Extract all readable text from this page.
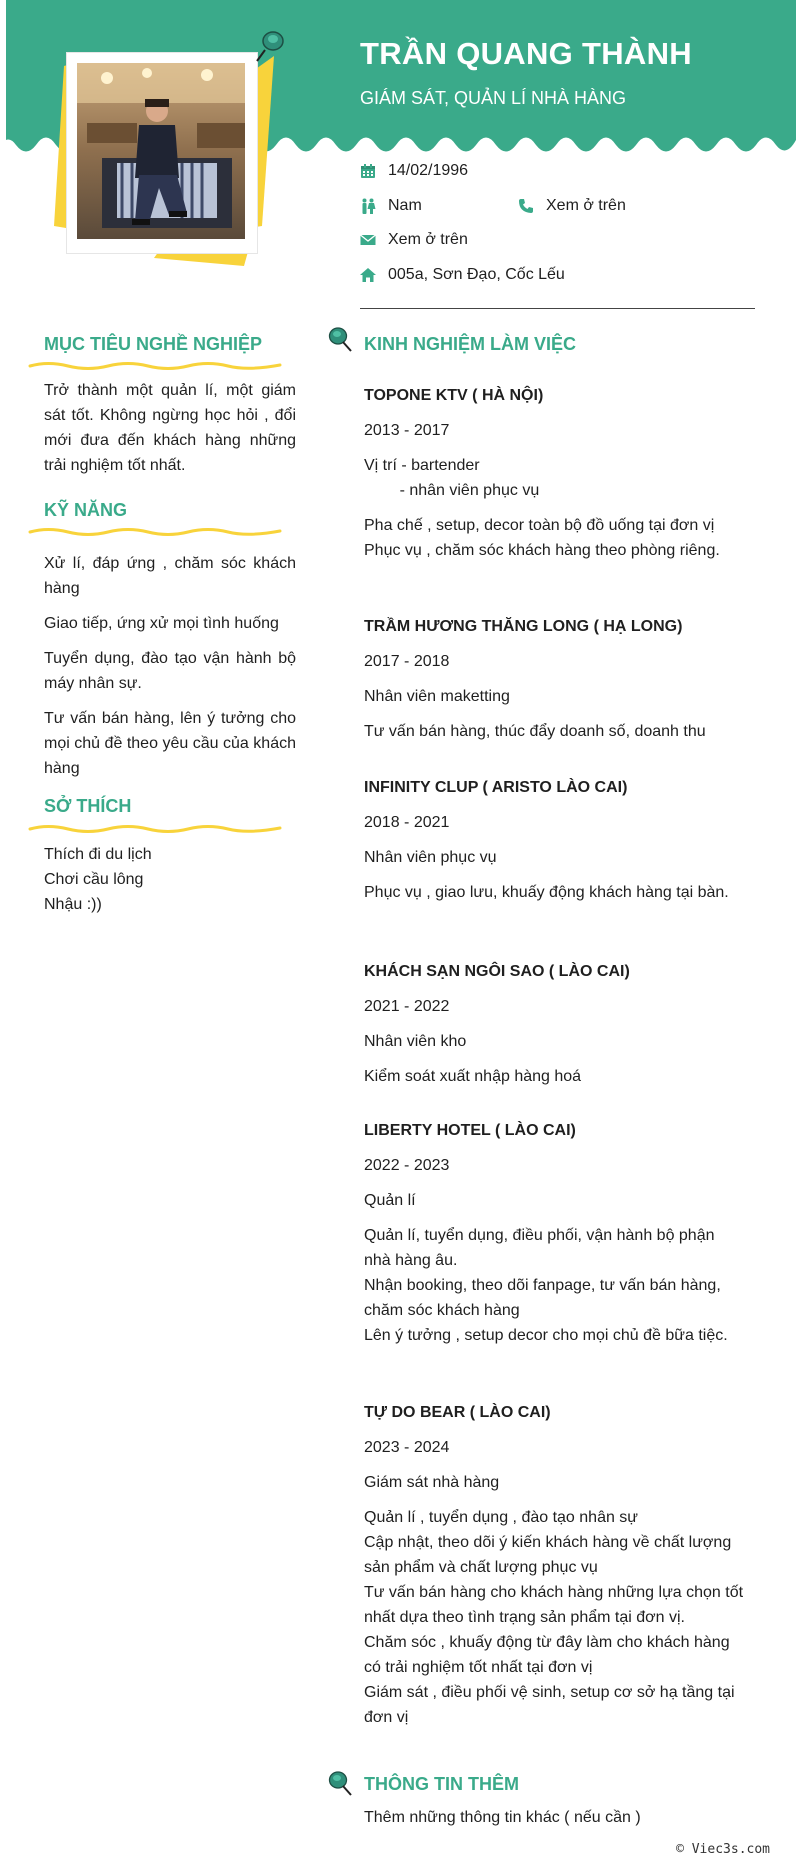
TRẦN QUANG THÀNH
GIÁM SÁT, QUẢN LÍ NHÀ HÀNG
14/02/1996
Nam	Xem ở trên
Xem ở trên
005a, Sơn Đạo, Cốc Lếu
MỤC TIÊU NGHỀ NGHIỆP
Trở thành một quản lí, một giám sát tốt. Không ngừng học hỏi , đổi mới đưa đến khách hàng những trải nghiệm tốt nhất.
KỸ NĂNG

Xử lí, đáp ứng , chăm sóc khách hàng

Giao tiếp, ứng xử mọi tình huống

Tuyển dụng, đào tạo vận hành bộ máy nhân sự.

Tư vấn bán hàng, lên ý tưởng cho mọi chủ đề theo yêu cầu của khách hàng

SỞ THÍCH
Thích đi du lịch
Chơi cầu lông
Nhậu :))
KINH NGHIỆM LÀM VIỆC
TOPONE KTV ( HÀ NỘI)
2013 - 2017
Vị trí - bartender
- nhân viên phục vụ
Pha chế , setup, decor toàn bộ đồ uống tại đơn vị
Phục vụ , chăm sóc khách hàng theo phòng riêng.
TRẦM HƯƠNG THĂNG LONG ( HẠ LONG)
2017 - 2018
Nhân viên maketting
Tư vấn bán hàng, thúc đẩy doanh số, doanh thu
INFINITY CLUP ( ARISTO LÀO CAI)
2018 - 2021
Nhân viên phục vụ
Phục vụ , giao lưu, khuấy động khách hàng tại bàn.
KHÁCH SẠN NGÔI SAO ( LÀO CAI)
2021 - 2022
Nhân viên kho
Kiểm soát xuất nhập hàng hoá
LIBERTY HOTEL ( LÀO CAI)
2022 - 2023
Quản lí
Quản lí, tuyển dụng, điều phối, vận hành bộ phận nhà hàng âu.
Nhận booking, theo dõi fanpage, tư vấn bán hàng, chăm sóc khách hàng
Lên ý tưởng , setup decor cho mọi chủ đề bữa tiệc.
TỰ DO BEAR ( LÀO CAI)
2023 - 2024
Giám sát nhà hàng
Quản lí , tuyển dụng , đào tạo nhân sự
Cập nhật, theo dõi ý kiến khách hàng về chất lượng sản phẩm và chất lượng phục vụ
Tư vấn bán hàng cho khách hàng những lựa chọn tốt nhất dựa theo tình trạng sản phẩm tại đơn vị.
Chăm sóc , khuấy động từ đây làm cho khách hàng có trải nghiệm tốt nhất tại đơn vị
Giám sát , điều phối vệ sinh, setup cơ sở hạ tầng tại đơn vị
THÔNG TIN THÊM
Thêm những thông tin khác ( nếu cần )
© Viec3s.com
